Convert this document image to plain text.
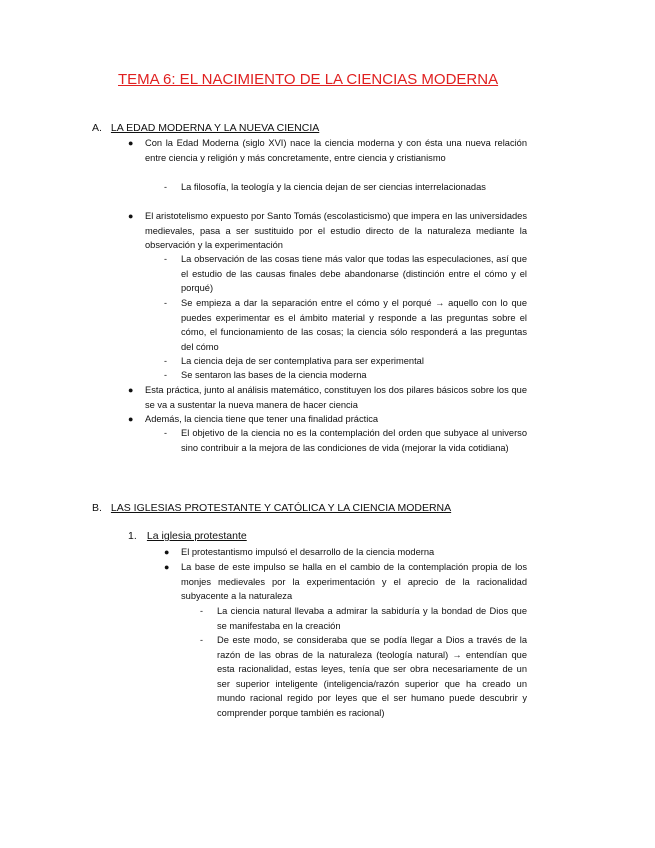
TEMA 6: EL NACIMIENTO DE LA CIENCIAS MODERNA
A. LA EDAD MODERNA Y LA NUEVA CIENCIA
● Con la Edad Moderna (siglo XVI) nace la ciencia moderna y con ésta una nueva relación entre ciencia y religión y más concretamente, entre ciencia y cristianismo
- La filosofía, la teología y la ciencia dejan de ser ciencias interrelacionadas
● El aristotelismo expuesto por Santo Tomás (escolasticismo) que impera en las universidades medievales, pasa a ser sustituido por el estudio directo de la naturaleza mediante la observación y la experimentación
- La observación de las cosas tiene más valor que todas las especulaciones, así que el estudio de las causas finales debe abandonarse (distinción entre el cómo y el porqué)
- Se empieza a dar la separación entre el cómo y el porqué → aquello con lo que puedes experimentar es el ámbito material y responde a las preguntas sobre el cómo, el funcionamiento de las cosas; la ciencia sólo responderá a las preguntas del cómo
- La ciencia deja de ser contemplativa para ser experimental
- Se sentaron las bases de la ciencia moderna
● Esta práctica, junto al análisis matemático, constituyen los dos pilares básicos sobre los que se va a sustentar la nueva manera de hacer ciencia
● Además, la ciencia tiene que tener una finalidad práctica
- El objetivo de la ciencia no es la contemplación del orden que subyace al universo sino contribuir a la mejora de las condiciones de vida (mejorar la vida cotidiana)
B. LAS IGLESIAS PROTESTANTE Y CATÓLICA Y LA CIENCIA MODERNA
1. La iglesia protestante
● El protestantismo impulsó el desarrollo de la ciencia moderna
● La base de este impulso se halla en el cambio de la contemplación propia de los monjes medievales por la experimentación y el aprecio de la racionalidad subyacente a la naturaleza
- La ciencia natural llevaba a admirar la sabiduría y la bondad de Dios que se manifestaba en la creación
- De este modo, se consideraba que se podía llegar a Dios a través de la razón de las obras de la naturaleza (teología natural) → entendían que esta racionalidad, estas leyes, tenía que ser obra necesariamente de un ser superior inteligente (inteligencia/razón superior que ha creado un mundo racional regido por leyes que el ser humano puede descubrir y comprender porque también es racional)
